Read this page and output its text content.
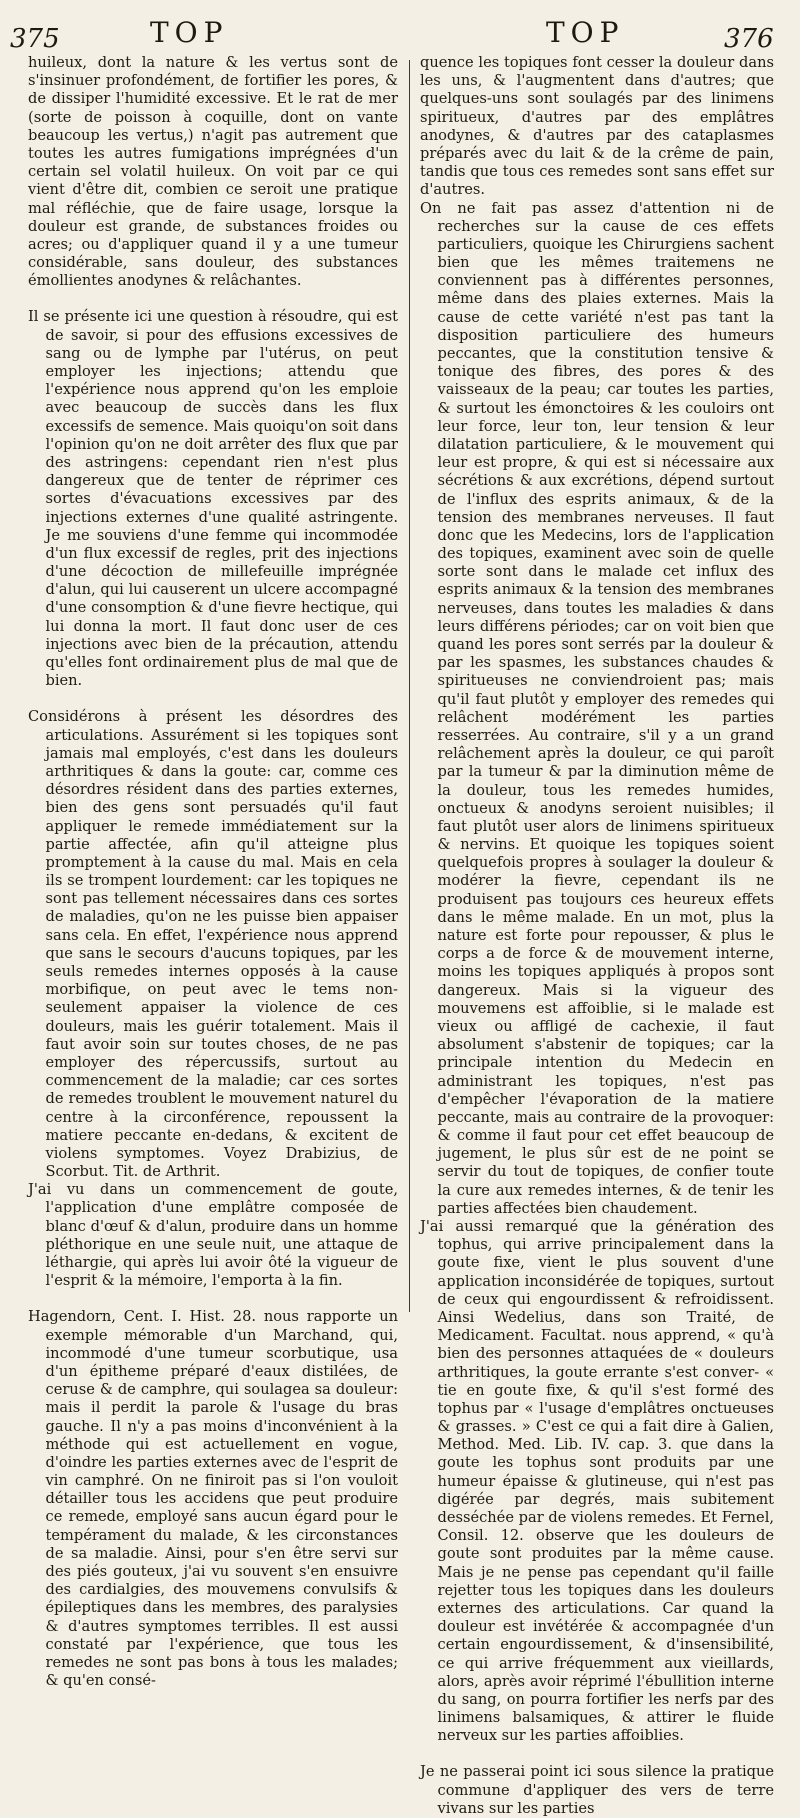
375	TOP	TOP	376

huileux, dont la nature & les vertus sont de s'insinuer profondément, de fortifier les pores, & de dissiper l'humidité excessive. Et le rat de mer (sorte de poisson à coquille, dont on vante beaucoup les vertus,) n'agit pas autrement que toutes les autres fumigations imprégnées d'un certain sel volatil huileux. On voit par ce qui vient d'être dit, combien ce seroit une pratique mal réfléchie, que de faire usage, lorsque la douleur est grande, de substances froides ou acres; ou d'appliquer quand il y a une tumeur considérable, sans douleur, des substances émollientes anodynes & relâchantes.

Il se présente ici une question à résoudre, qui est de savoir, si pour des effusions excessives de sang ou de lymphe par l'utérus, on peut employer les injections; attendu que l'expérience nous apprend qu'on les emploie avec beaucoup de succès dans les flux excessifs de semence. Mais quoiqu'on soit dans l'opinion qu'on ne doit arrêter des flux que par des astringens: cependant rien n'est plus dangereux que de tenter de réprimer ces sortes d'évacuations excessives par des injections externes d'une qualité astringente. Je me souviens d'une femme qui incommodée d'un flux excessif de regles, prit des injections d'une décoction de millefeuille imprégnée d'alun, qui lui causerent un ulcere accompagné d'une consomption & d'une fievre hectique, qui lui donna la mort. Il faut donc user de ces injections avec bien de la précaution, attendu qu'elles font ordinairement plus de mal que de bien.

Considérons à présent les désordres des articulations. Assurément si les topiques sont jamais mal employés, c'est dans les douleurs arthritiques & dans la goute: car, comme ces désordres résident dans des parties externes, bien des gens sont persuadés qu'il faut appliquer le remede immédiatement sur la partie affectée, afin qu'il atteigne plus promptement à la cause du mal. Mais en cela ils se trompent lourdement: car les topiques ne sont pas tellement nécessaires dans ces sortes de maladies, qu'on ne les puisse bien appaiser sans cela. En effet, l'expérience nous apprend que sans le secours d'aucuns topiques, par les seuls remedes internes opposés à la cause morbifique, on peut avec le tems non-seulement appaiser la violence de ces douleurs, mais les guérir totalement. Mais il faut avoir soin sur toutes choses, de ne pas employer des répercussifs, surtout au commencement de la maladie; car ces sortes de remedes troublent le mouvement naturel du centre à la circonférence, repoussent la matiere peccante en-dedans, & excitent de violens symptomes. Voyez Drabizius, de Scorbut. Tit. de Arthrit.

J'ai vu dans un commencement de goute, l'application d'une emplâtre composée de blanc d'œuf & d'alun, produire dans un homme pléthorique en une seule nuit, une attaque de léthargie, qui après lui avoir ôté la vigueur de l'esprit & la mémoire, l'emporta à la fin.

Hagendorn, Cent. I. Hist. 28. nous rapporte un exemple mémorable d'un Marchand, qui, incommodé d'une tumeur scorbutique, usa d'un épitheme préparé d'eaux distilées, de ceruse & de camphre, qui soulagea sa douleur: mais il perdit la parole & l'usage du bras gauche. Il n'y a pas moins d'inconvénient à la méthode qui est actuellement en vogue, d'oindre les parties externes avec de l'esprit de vin camphré. On ne finiroit pas si l'on vouloit détailler tous les accidens que peut produire ce remede, employé sans aucun égard pour le tempérament du malade, & les circonstances de sa maladie. Ainsi, pour s'en être servi sur des piés gouteux, j'ai vu souvent s'en ensuivre des cardialgies, des mouvemens convulsifs & épileptiques dans les membres, des paralysies & d'autres symptomes terribles. Il est aussi constaté par l'expérience, que tous les remedes ne sont pas bons à tous les malades; & qu'en consé-

quence les topiques font cesser la douleur dans les uns, & l'augmentent dans d'autres; que quelques-uns sont soulagés par des linimens spiritueux, d'autres par des emplâtres anodynes, & d'autres par des cataplasmes préparés avec du lait & de la crême de pain, tandis que tous ces remedes sont sans effet sur d'autres.

On ne fait pas assez d'attention ni de recherches sur la cause de ces effets particuliers, quoique les Chirurgiens sachent bien que les mêmes traitemens ne conviennent pas à différentes personnes, même dans des plaies externes. Mais la cause de cette variété n'est pas tant la disposition particuliere des humeurs peccantes, que la constitution tensive & tonique des fibres, des pores & des vaisseaux de la peau; car toutes les parties, & surtout les émonctoires & les couloirs ont leur force, leur ton, leur tension & leur dilatation particuliere, & le mouvement qui leur est propre, & qui est si nécessaire aux sécrétions & aux excrétions, dépend surtout de l'influx des esprits animaux, & de la tension des membranes nerveuses. Il faut donc que les Medecins, lors de l'application des topiques, examinent avec soin de quelle sorte sont dans le malade cet influx des esprits animaux & la tension des membranes nerveuses, dans toutes les maladies & dans leurs différens périodes; car on voit bien que quand les pores sont serrés par la douleur & par les spasmes, les substances chaudes & spiritueuses ne conviendroient pas; mais qu'il faut plutôt y employer des remedes qui relâchent modérément les parties resserrées. Au contraire, s'il y a un grand relâchement après la douleur, ce qui paroît par la tumeur & par la diminution même de la douleur, tous les remedes humides, onctueux & anodyns seroient nuisibles; il faut plutôt user alors de linimens spiritueux & nervins. Et quoique les topiques soient quelquefois propres à soulager la douleur & modérer la fievre, cependant ils ne produisent pas toujours ces heureux effets dans le même malade. En un mot, plus la nature est forte pour repousser, & plus le corps a de force & de mouvement interne, moins les topiques appliqués à propos sont dangereux. Mais si la vigueur des mouvemens est affoiblie, si le malade est vieux ou affligé de cachexie, il faut absolument s'abstenir de topiques; car la principale intention du Medecin en administrant les topiques, n'est pas d'empêcher l'évaporation de la matiere peccante, mais au contraire de la provoquer: & comme il faut pour cet effet beaucoup de jugement, le plus sûr est de ne point se servir du tout de topiques, de confier toute la cure aux remedes internes, & de tenir les parties affectées bien chaudement.

J'ai aussi remarqué que la génération des tophus, qui arrive principalement dans la goute fixe, vient le plus souvent d'une application inconsidérée de topiques, surtout de ceux qui engourdissent & refroidissent. Ainsi Wedelius, dans son Traité, de Medicament. Facultat. nous apprend, « qu'à bien des personnes attaquées de « douleurs arthritiques, la goute errante s'est conver- « tie en goute fixe, & qu'il s'est formé des tophus par « l'usage d'emplâtres onctueuses & grasses. » C'est ce qui a fait dire à Galien, Method. Med. Lib. IV. cap. 3. que dans la goute les tophus sont produits par une humeur épaisse & glutineuse, qui n'est pas digérée par degrés, mais subitement desséchée par de violens remedes. Et Fernel, Consil. 12. observe que les douleurs de goute sont produites par la même cause. Mais je ne pense pas cependant qu'il faille rejetter tous les topiques dans les douleurs externes des articulations. Car quand la douleur est invétérée & accompagnée d'un certain engourdissement, & d'insensibilité, ce qui arrive fréquemment aux vieillards, alors, après avoir réprimé l'ébullition interne du sang, on pourra fortifier les nerfs par des linimens balsamiques, & attirer le fluide nerveux sur les parties affoiblies.

Je ne passerai point ici sous silence la pratique commune d'appliquer des vers de terre vivans sur les parties
